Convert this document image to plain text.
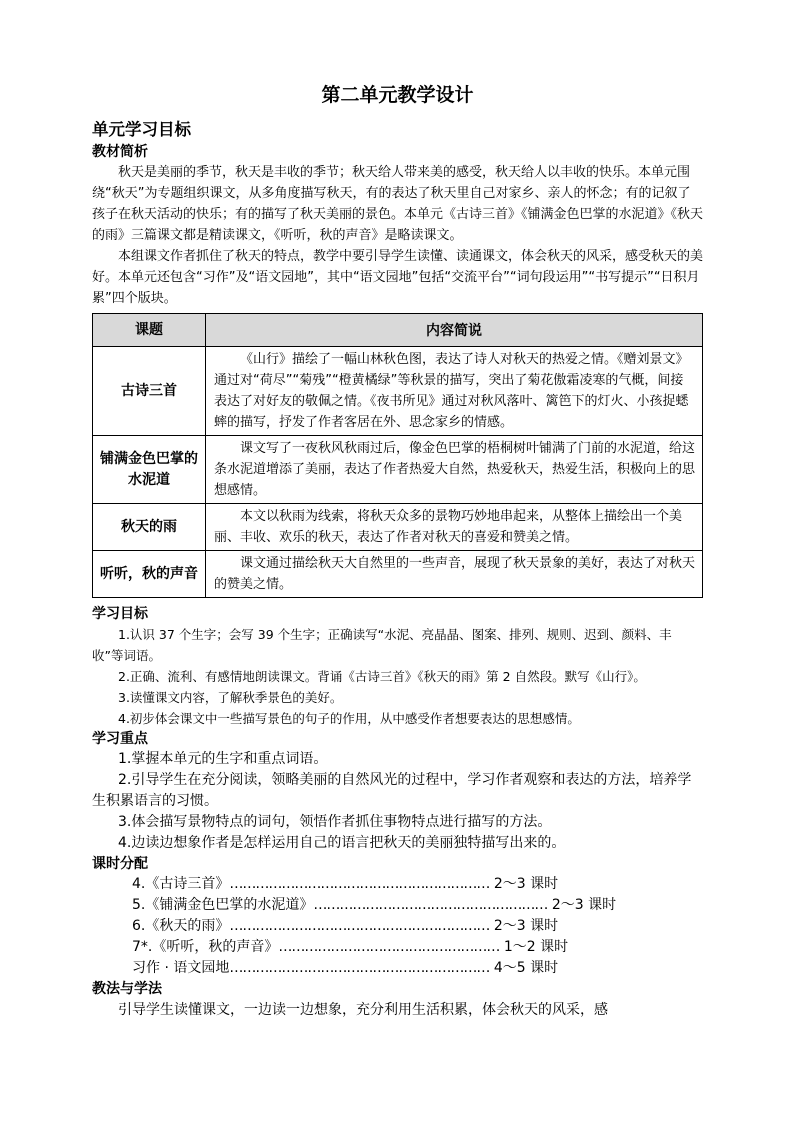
第二单元教学设计
单元学习目标
教材简析

秋天是美丽的季节，秋天是丰收的季节；秋天给人带来美的感受，秋天给人以丰收的快乐。本单元围绕“秋天”为专题组织课文，从多角度描写秋天，有的表达了秋天里自己对家乡、亲人的怀念；有的记叙了孩子在秋天活动的快乐；有的描写了秋天美丽的景色。本单元《古诗三首》《铺满金色巴掌的水泥道》《秋天的雨》三篇课文都是精读课文，《听听，秋的声音》是略读课文。

本组课文作者抓住了秋天的特点，教学中要引导学生读懂、读通课文，体会秋天的风采，感受秋天的美好。本单元还包含“习作”及“语文园地”，其中“语文园地”包括“交流平台”“词句段运用”“书写提示”“日积月累”四个版块。

课题	内容简说
古诗三首	《山行》描绘了一幅山林秋色图，表达了诗人对秋天的热爱之情。《赠刘景文》通过对“荷尽”“菊残”“橙黄橘绿”等秋景的描写，突出了菊花傲霜凌寒的气概，间接表达了对好友的敬佩之情。《夜书所见》通过对秋风落叶、篱笆下的灯火、小孩捉蟋蟀的描写，抒发了作者客居在外、思念家乡的情感。
铺满金色巴掌的水泥道	课文写了一夜秋风秋雨过后，像金色巴掌的梧桐树叶铺满了门前的水泥道，给这条水泥道增添了美丽，表达了作者热爱大自然，热爱秋天，热爱生活，积极向上的思想感情。
秋天的雨	本文以秋雨为线索，将秋天众多的景物巧妙地串起来，从整体上描绘出一个美丽、丰收、欢乐的秋天，表达了作者对秋天的喜爱和赞美之情。
听听，秋的声音	课文通过描绘秋天大自然里的一些声音，展现了秋天景象的美好，表达了对秋天的赞美之情。
学习目标

1.认识 37 个生字；会写 39 个生字；正确读写“水泥、亮晶晶、图案、排列、规则、迟到、颜料、丰收”等词语。

2.正确、流利、有感情地朗读课文。背诵《古诗三首》《秋天的雨》第 2 自然段。默写《山行》。

3.读懂课文内容，了解秋季景色的美好。

4.初步体会课文中一些描写景色的句子的作用，从中感受作者想要表达的思想感情。

学习重点

1.掌握本单元的生字和重点词语。

2.引导学生在充分阅读，领略美丽的自然风光的过程中，学习作者观察和表达的方法，培养学生积累语言的习惯。

3.体会描写景物特点的词句，领悟作者抓住事物特点进行描写的方法。

4.边读边想象作者是怎样运用自己的语言把秋天的美丽独特描写出来的。

课时分配

4.《古诗三首》…………………………………………………… 2～3 课时

5.《铺满金色巴掌的水泥道》……………………………………………… 2～3 课时

6.《秋天的雨》…………………………………………………… 2～3 课时

7*.《听听，秋的声音》…………………………………………… 1～2 课时

习作 · 语文园地…………………………………………………… 4～5 课时

教法与学法

引导学生读懂课文，一边读一边想象，充分利用生活积累，体会秋天的风采，感
